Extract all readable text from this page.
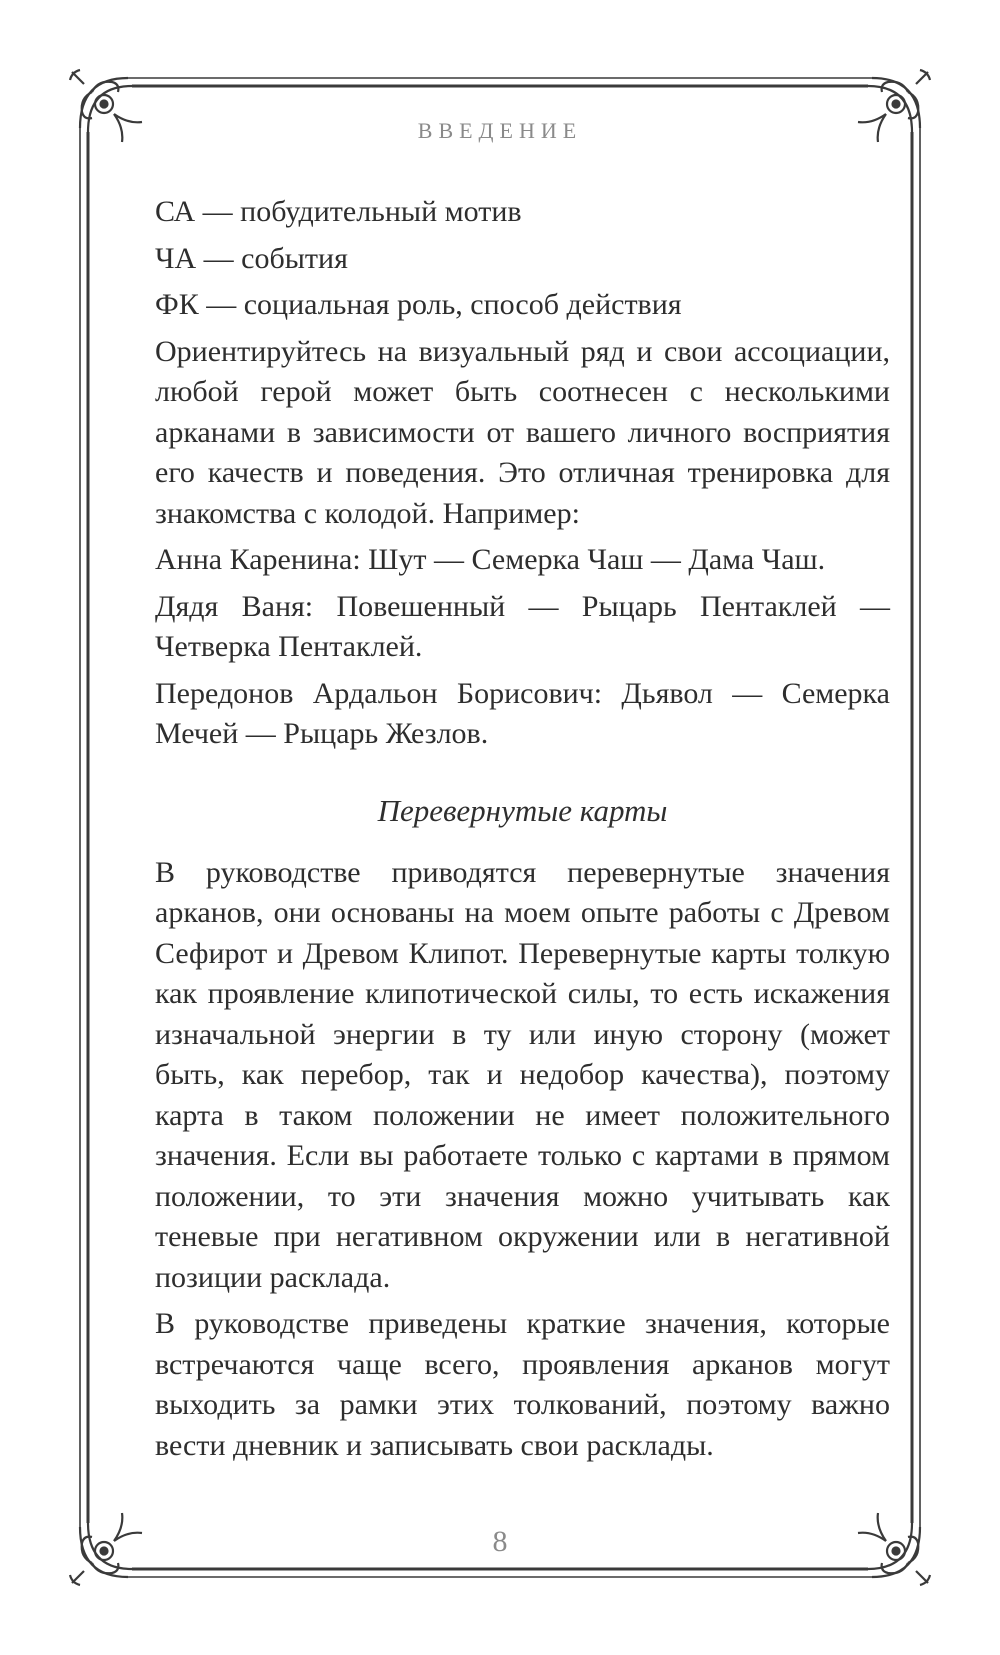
ВВЕДЕНИЕ

СА — побудительный мотив

ЧА — события

ФК — социальная роль, способ действия

Ориентируйтесь на визуальный ряд и свои ассоциации, любой герой может быть соотнесен с несколькими арканами в зависимости от вашего личного восприятия его качеств и поведения. Это отличная тренировка для знакомства с колодой. Например:

Анна Каренина: Шут — Семерка Чаш — Дама Чаш.

Дядя Ваня: Повешенный — Рыцарь Пентаклей —Четверка Пентаклей.

Передонов Ардальон Борисович: Дьявол — Семерка Мечей — Рыцарь Жезлов.

Перевернутые карты

В руководстве приводятся перевернутые значения арканов, они основаны на моем опыте работы с Древом Сефирот и Древом Клипот. Перевернутые карты толкую как проявление клипотической силы, то есть искажения изначальной энергии в ту или иную сторону (может быть, как перебор, так и недобор качества), поэтому карта в таком положении не имеет положительного значения. Если вы работаете только с картами в прямом положении, то эти значения можно учитывать как теневые при негативном окружении или в негативной позиции расклада.

В руководстве приведены краткие значения, которые встречаются чаще всего, проявления арканов могут выходить за рамки этих толкований, поэтому важно вести дневник и записывать свои расклады.

8
